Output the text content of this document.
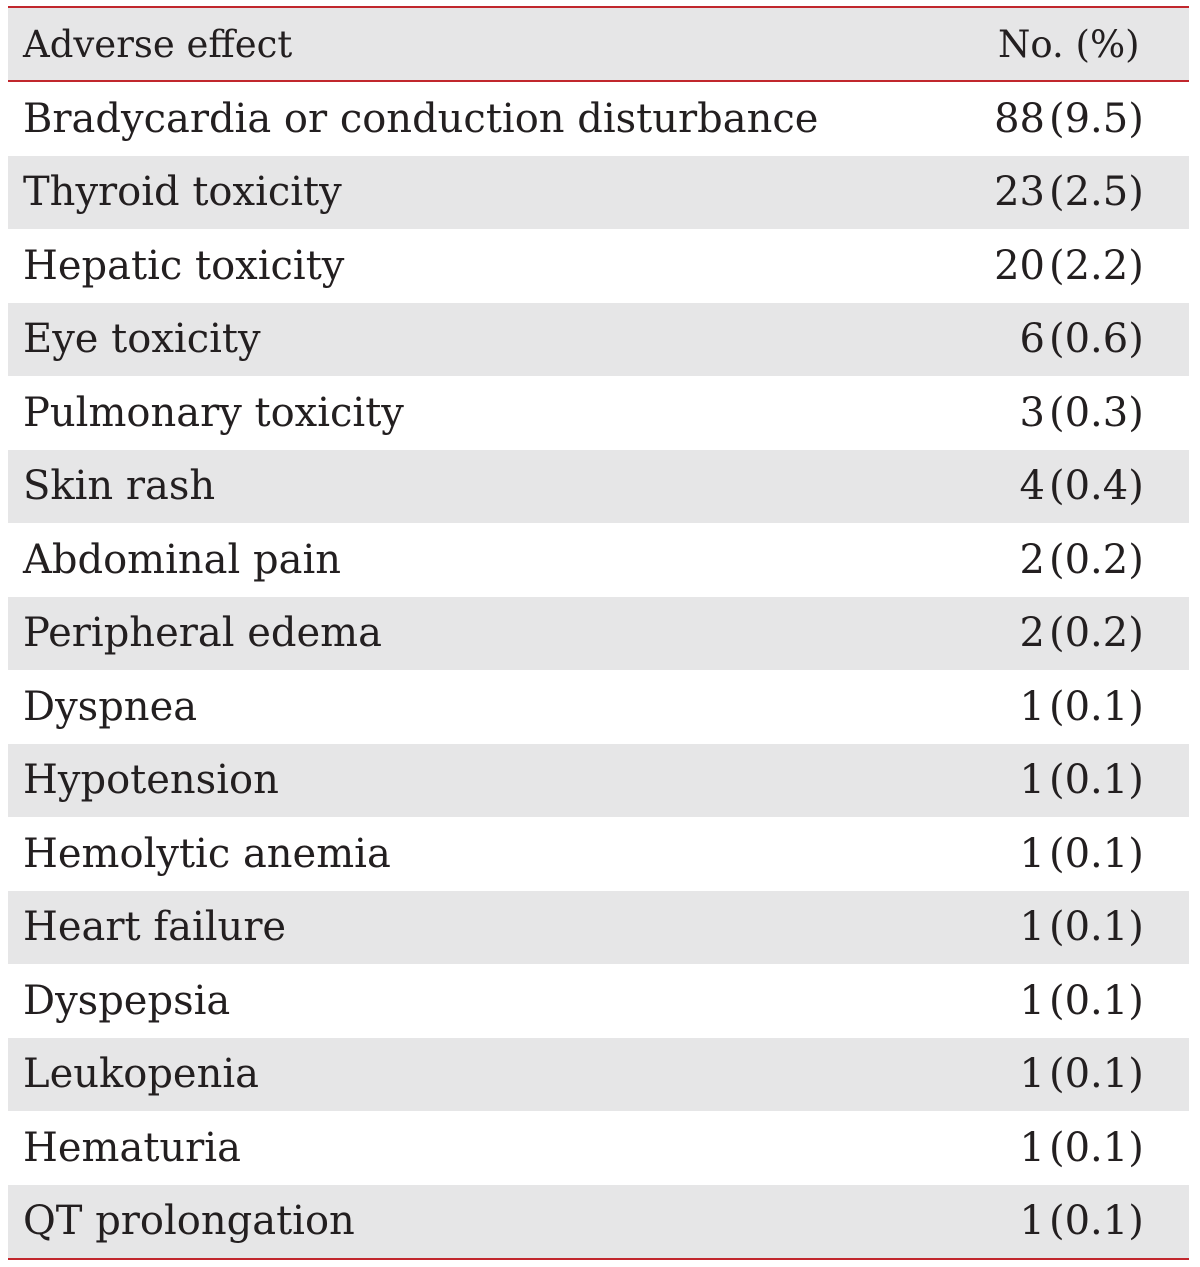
Adverse effect	No. (%)
Bradycardia or conduction disturbance	88 (9.5)
Thyroid toxicity	23 (2.5)
Hepatic toxicity	20 (2.2)
Eye toxicity	6 (0.6)
Pulmonary toxicity	3 (0.3)
Skin rash	4 (0.4)
Abdominal pain	2 (0.2)
Peripheral edema	2 (0.2)
Dyspnea	1 (0.1)
Hypotension	1 (0.1)
Hemolytic anemia	1 (0.1)
Heart failure	1 (0.1)
Dyspepsia	1 (0.1)
Leukopenia	1 (0.1)
Hematuria	1 (0.1)
QT prolongation	1 (0.1)
